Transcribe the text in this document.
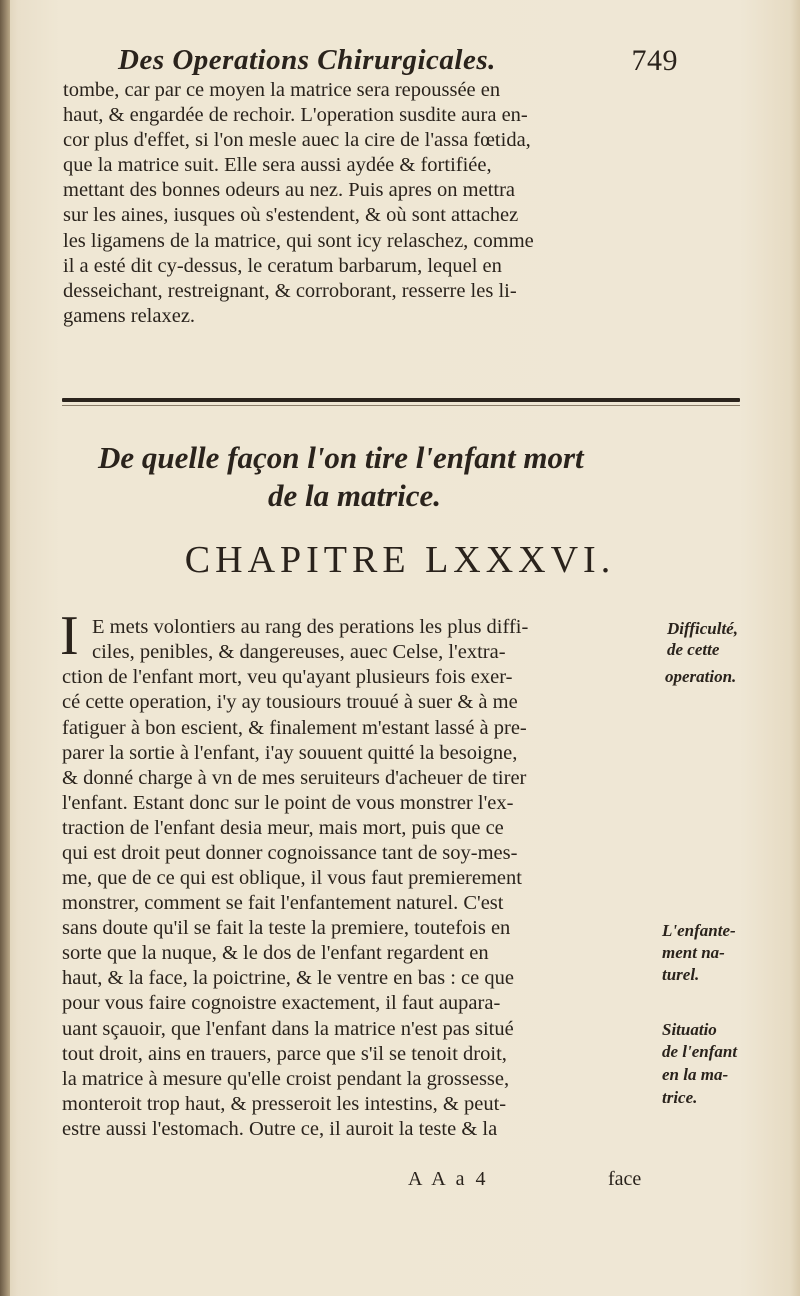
Des Operations Chirurgicales.	749
tombe, car par ce moyen la matrice sera repoussée en
haut, & engardée de rechoir. L'operation susdite aura en-
cor plus d'effet, si l'on mesle auec la cire de l'assa fœtida,
que la matrice suit. Elle sera aussi aydée & fortifiée,
mettant des bonnes odeurs au nez. Puis apres on mettra
sur les aines, iusques où s'estendent, & où sont attachez
les ligamens de la matrice, qui sont icy relaschez, comme
il a esté dit cy-dessus, le ceratum barbarum, lequel en
desseichant, restreignant, & corroborant, resserre les li-
gamens relaxez.
De quelle façon l'on tire l'enfant mort
de la matrice.
CHAPITRE LXXXVI.
I E mets volontiers au rang des perations les plus diffi-
ciles, penibles, & dangereuses, auec Celse, l'extra-
ction de l'enfant mort, veu qu'ayant plusieurs fois exer-
cé cette operation, i'y ay tousiours trouué à suer & à me
fatiguer à bon escient, & finalement m'estant lassé à pre-
parer la sortie à l'enfant, i'ay souuent quitté la besoigne,
& donné charge à vn de mes seruiteurs d'acheuer de tirer
l'enfant. Estant donc sur le point de vous monstrer l'ex-
traction de l'enfant desia meur, mais mort, puis que ce
qui est droit peut donner cognoissance tant de soy-mes-
me, que de ce qui est oblique, il vous faut premierement
monstrer, comment se fait l'enfantement naturel. C'est
sans doute qu'il se fait la teste la premiere, toutefois en
sorte que la nuque, & le dos de l'enfant regardent en
haut, & la face, la poictrine, & le ventre en bas : ce que
pour vous faire cognoistre exactement, il faut aupara-
uant sçauoir, que l'enfant dans la matrice n'est pas situé
tout droit, ains en trauers, parce que s'il se tenoit droit,
la matrice à mesure qu'elle croist pendant la grossesse,
monteroit trop haut, & presseroit les intestins, & peut-
estre aussi l'estomach. Outre ce, il auroit la teste & la
Difficulté,
de cette
operation.
L'enfante-
ment na-
turel.
Situatio
de l'enfant
en la ma-
trice.
A A a 4	face
